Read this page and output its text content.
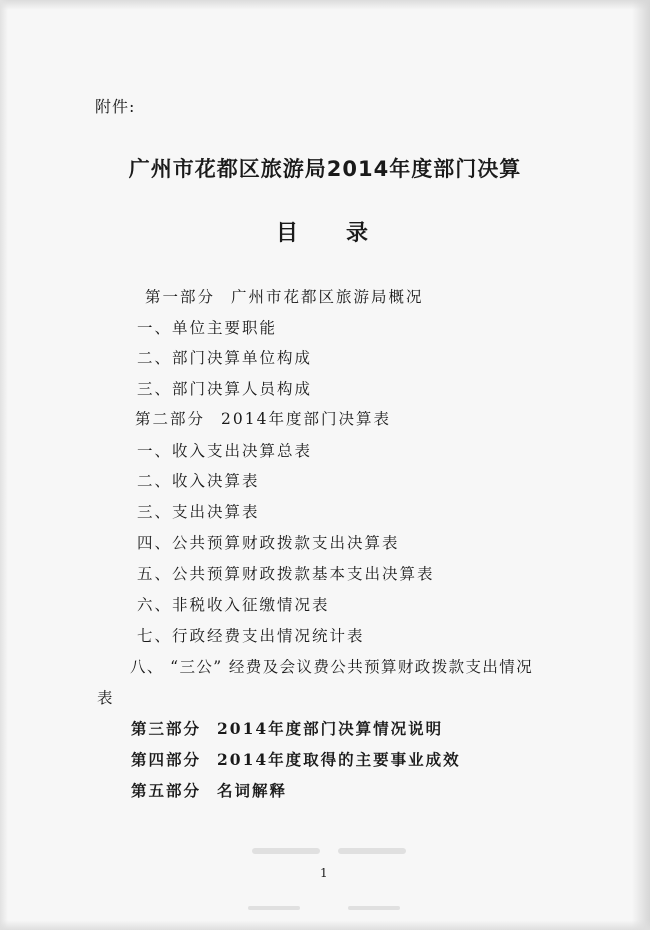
附件:
广州市花都区旅游局2014年度部门决算
目 录
第一部分 广州市花都区旅游局概况
一、单位主要职能
二、部门决算单位构成
三、部门决算人员构成
第二部分 2014年度部门决算表
一、收入支出决算总表
二、收入决算表
三、支出决算表
四、公共预算财政拨款支出决算表
五、公共预算财政拨款基本支出决算表
六、非税收入征缴情况表
七、行政经费支出情况统计表
八、 “三公” 经费及会议费公共预算财政拨款支出情况
表
第三部分 2014年度部门决算情况说明
第四部分 2014年度取得的主要事业成效
第五部分 名词解释
1
